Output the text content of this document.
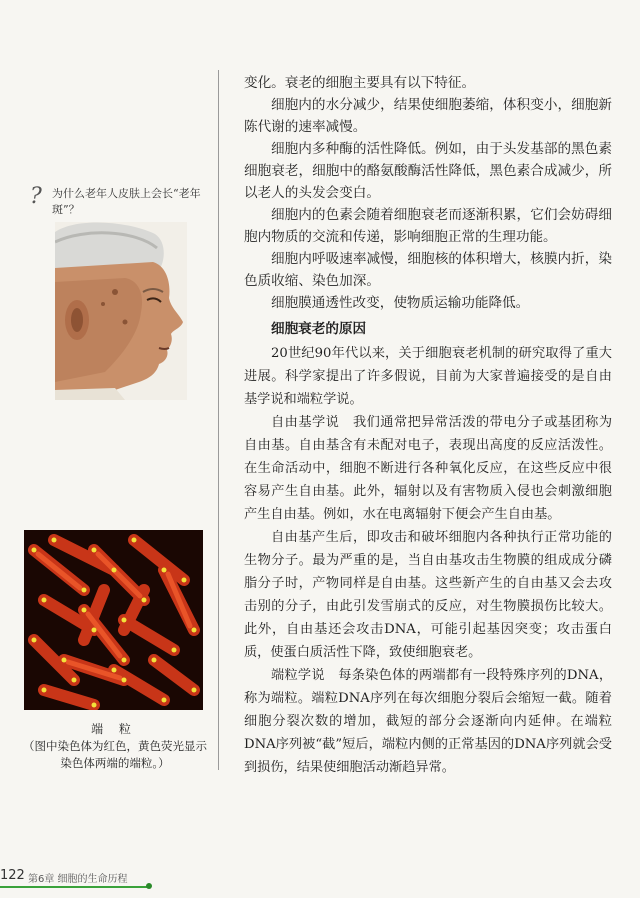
? 为什么老年人皮肤上会长“老年斑”？
端 粒
（图中染色体为红色，黄色荧光显示染色体两端的端粒。）

变化。衰老的细胞主要具有以下特征。

细胞内的水分减少，结果使细胞萎缩，体积变小，细胞新陈代谢的速率减慢。

细胞内多种酶的活性降低。例如，由于头发基部的黑色素细胞衰老，细胞中的酪氨酸酶活性降低，黑色素合成减少，所以老人的头发会变白。

细胞内的色素会随着细胞衰老而逐渐积累，它们会妨碍细胞内物质的交流和传递，影响细胞正常的生理功能。

细胞内呼吸速率减慢，细胞核的体积增大，核膜内折，染色质收缩、染色加深。

细胞膜通透性改变，使物质运输功能降低。

细胞衰老的原因

20世纪90年代以来，关于细胞衰老机制的研究取得了重大进展。科学家提出了许多假说，目前为大家普遍接受的是自由基学说和端粒学说。

自由基学说　 我们通常把异常活泼的带电分子或基团称为自由基。自由基含有未配对电子，表现出高度的反应活泼性。在生命活动中，细胞不断进行各种氧化反应，在这些反应中很容易产生自由基。此外，辐射以及有害物质入侵也会刺激细胞产生自由基。例如，水在电离辐射下便会产生自由基。

自由基产生后，即攻击和破坏细胞内各种执行正常功能的生物分子。最为严重的是，当自由基攻击生物膜的组成成分磷脂分子时，产物同样是自由基。这些新产生的自由基又会去攻击别的分子，由此引发雪崩式的反应，对生物膜损伤比较大。此外，自由基还会攻击DNA，可能引起基因突变；攻击蛋白质，使蛋白质活性下降，致使细胞衰老。

端粒学说　 每条染色体的两端都有一段特殊序列的DNA，称为端粒。端粒DNA序列在每次细胞分裂后会缩短一截。随着细胞分裂次数的增加，截短的部分会逐渐向内延伸。在端粒DNA序列被“截”短后，端粒内侧的正常基因的DNA序列就会受到损伤，结果使细胞活动渐趋异常。

122 第6章 细胞的生命历程
